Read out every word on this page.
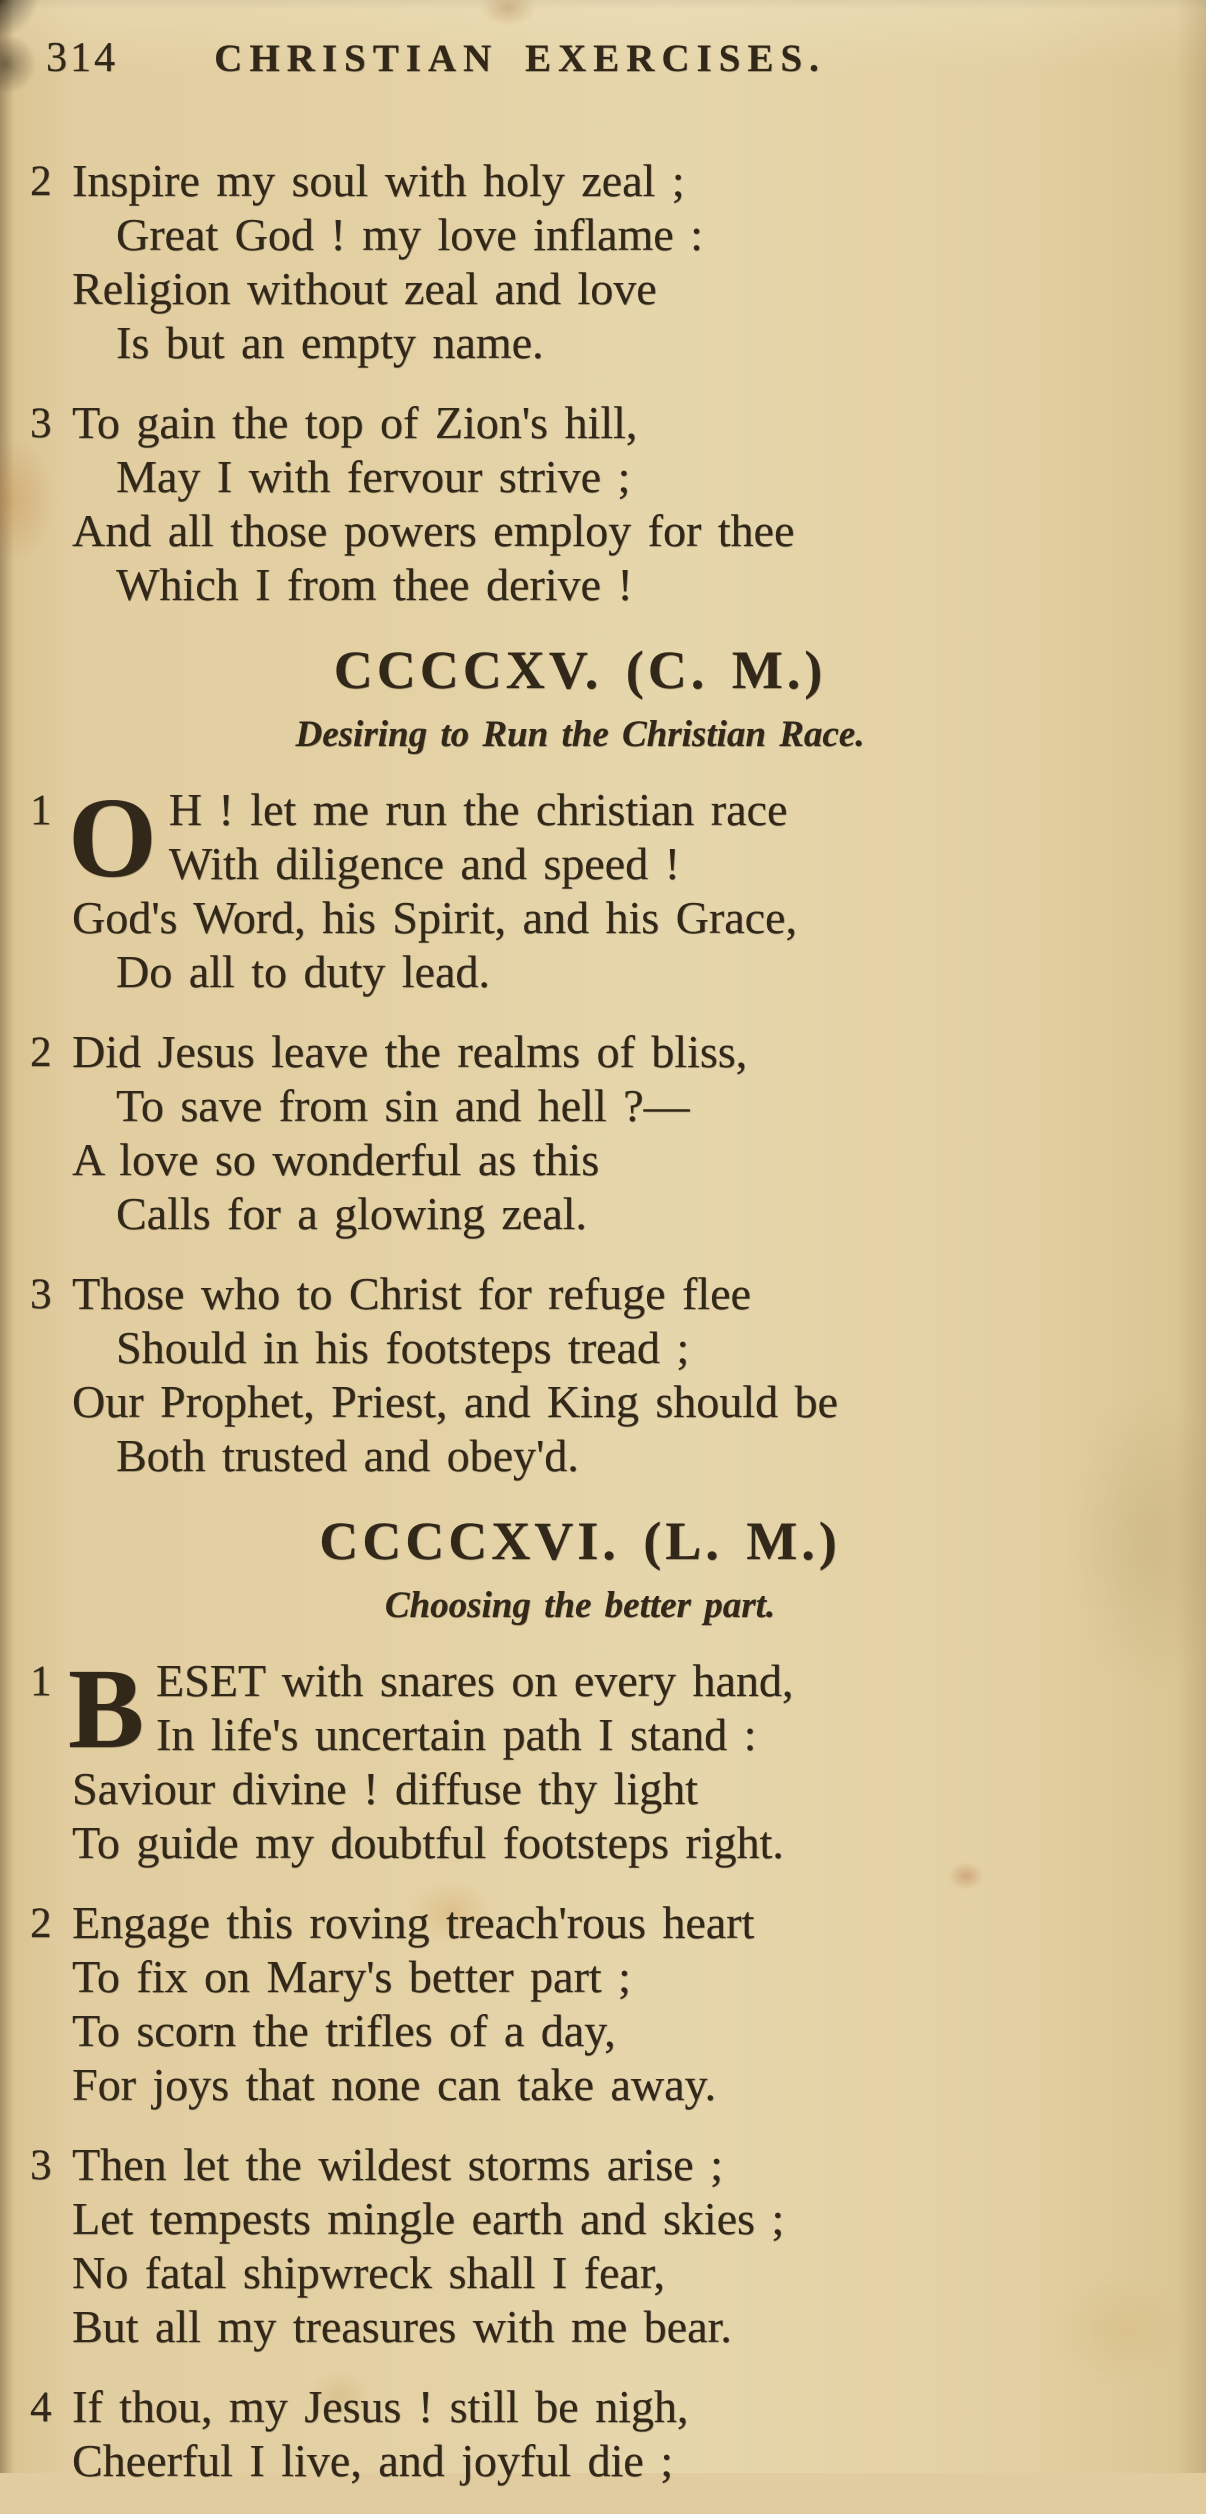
314	CHRISTIAN EXERCISES.
2 Inspire my soul with holy zeal ;
Great God ! my love inflame :
Religion without zeal and love
Is but an empty name.
3 To gain the top of Zion's hill,
May I with fervour strive ;
And all those powers employ for thee
Which I from thee derive !
CCCCXV. (C. M.)
Desiring to Run the Christian Race.
1 O H ! let me run the christian race
With diligence and speed !
God's Word, his Spirit, and his Grace,
Do all to duty lead.
2 Did Jesus leave the realms of bliss,
To save from sin and hell ?—
A love so wonderful as this
Calls for a glowing zeal.
3 Those who to Christ for refuge flee
Should in his footsteps tread ;
Our Prophet, Priest, and King should be
Both trusted and obey'd.
CCCCXVI. (L. M.)
Choosing the better part.
1 B ESET with snares on every hand,
In life's uncertain path I stand :
Saviour divine ! diffuse thy light
To guide my doubtful footsteps right.
2 Engage this roving treach'rous heart
To fix on Mary's better part ;
To scorn the trifles of a day,
For joys that none can take away.
3 Then let the wildest storms arise ;
Let tempests mingle earth and skies ;
No fatal shipwreck shall I fear,
But all my treasures with me bear.
4 If thou, my Jesus ! still be nigh,
Cheerful I live, and joyful die ;
